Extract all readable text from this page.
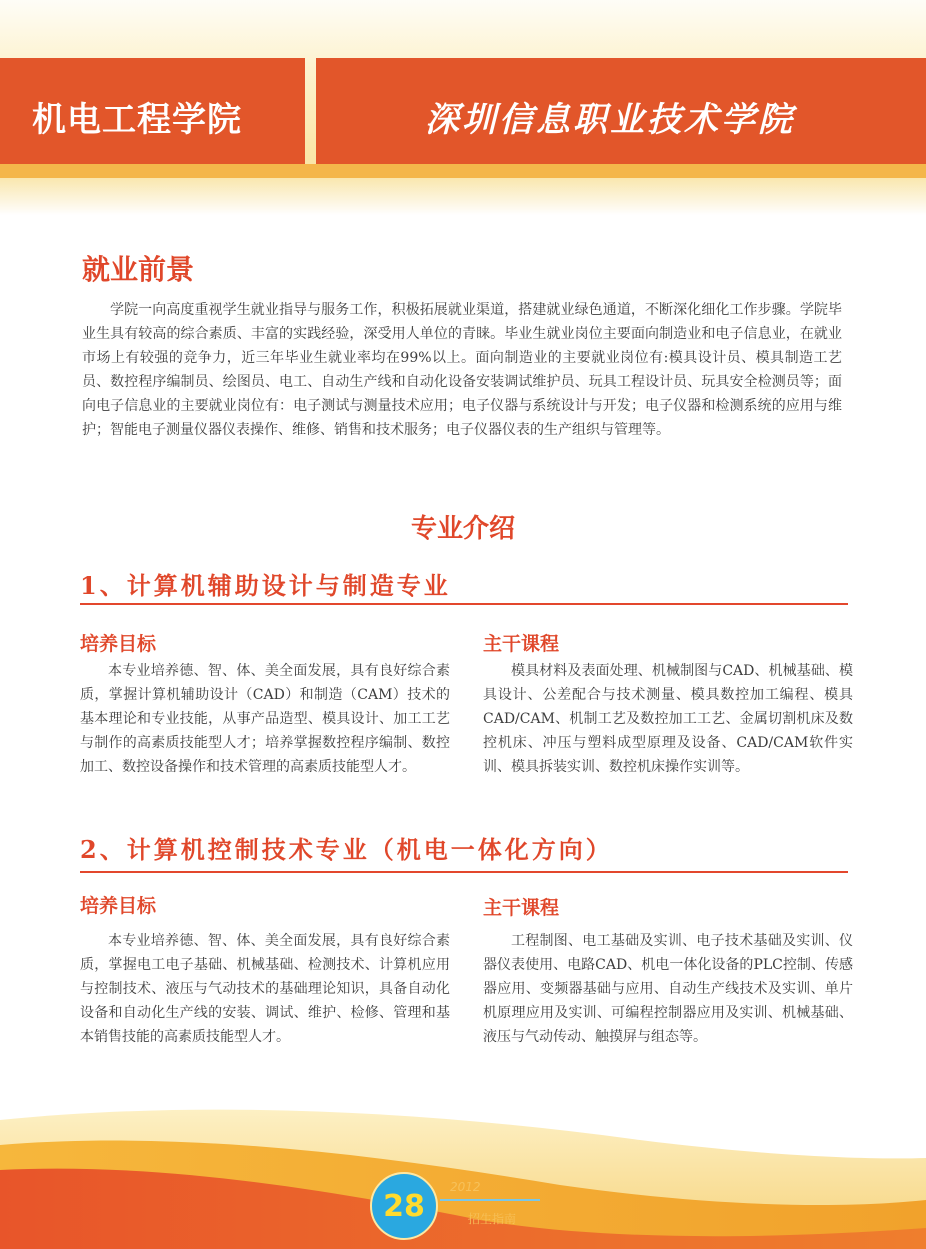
机电工程学院	深圳信息职业技术学院
就业前景

学院一向高度重视学生就业指导与服务工作，积极拓展就业渠道，搭建就业绿色通道，不断深化细化工作步骤。学院毕业生具有较高的综合素质、丰富的实践经验，深受用人单位的青睐。毕业生就业岗位主要面向制造业和电子信息业，在就业市场上有较强的竞争力，近三年毕业生就业率均在99%以上。面向制造业的主要就业岗位有:模具设计员、模具制造工艺员、数控程序编制员、绘图员、电工、自动生产线和自动化设备安装调试维护员、玩具工程设计员、玩具安全检测员等；面向电子信息业的主要就业岗位有：电子测试与测量技术应用；电子仪器与系统设计与开发；电子仪器和检测系统的应用与维护；智能电子测量仪器仪表操作、维修、销售和技术服务；电子仪器仪表的生产组织与管理等。

专业介绍
1、计算机辅助设计与制造专业
培养目标	主干课程

本专业培养德、智、体、美全面发展，具有良好综合素质，掌握计算机辅助设计（CAD）和制造（CAM）技术的基本理论和专业技能，从事产品造型、模具设计、加工工艺与制作的高素质技能型人才；培养掌握数控程序编制、数控加工、数控设备操作和技术管理的高素质技能型人才。

模具材料及表面处理、机械制图与CAD、机械基础、模具设计、公差配合与技术测量、模具数控加工编程、模具CAD/CAM、机制工艺及数控加工工艺、金属切割机床及数控机床、冲压与塑料成型原理及设备、CAD/CAM软件实训、模具拆装实训、数控机床操作实训等。

2、计算机控制技术专业（机电一体化方向）
培养目标	主干课程

本专业培养德、智、体、美全面发展，具有良好综合素质，掌握电工电子基础、机械基础、检测技术、计算机应用与控制技术、液压与气动技术的基础理论知识，具备自动化设备和自动化生产线的安装、调试、维护、检修、管理和基本销售技能的高素质技能型人才。

工程制图、电工基础及实训、电子技术基础及实训、仪器仪表使用、电路CAD、机电一体化设备的PLC控制、传感器应用、变频器基础与应用、自动生产线技术及实训、单片机原理应用及实训、可编程控制器应用及实训、机械基础、液压与气动传动、触摸屏与组态等。

28
2012
招生指南
